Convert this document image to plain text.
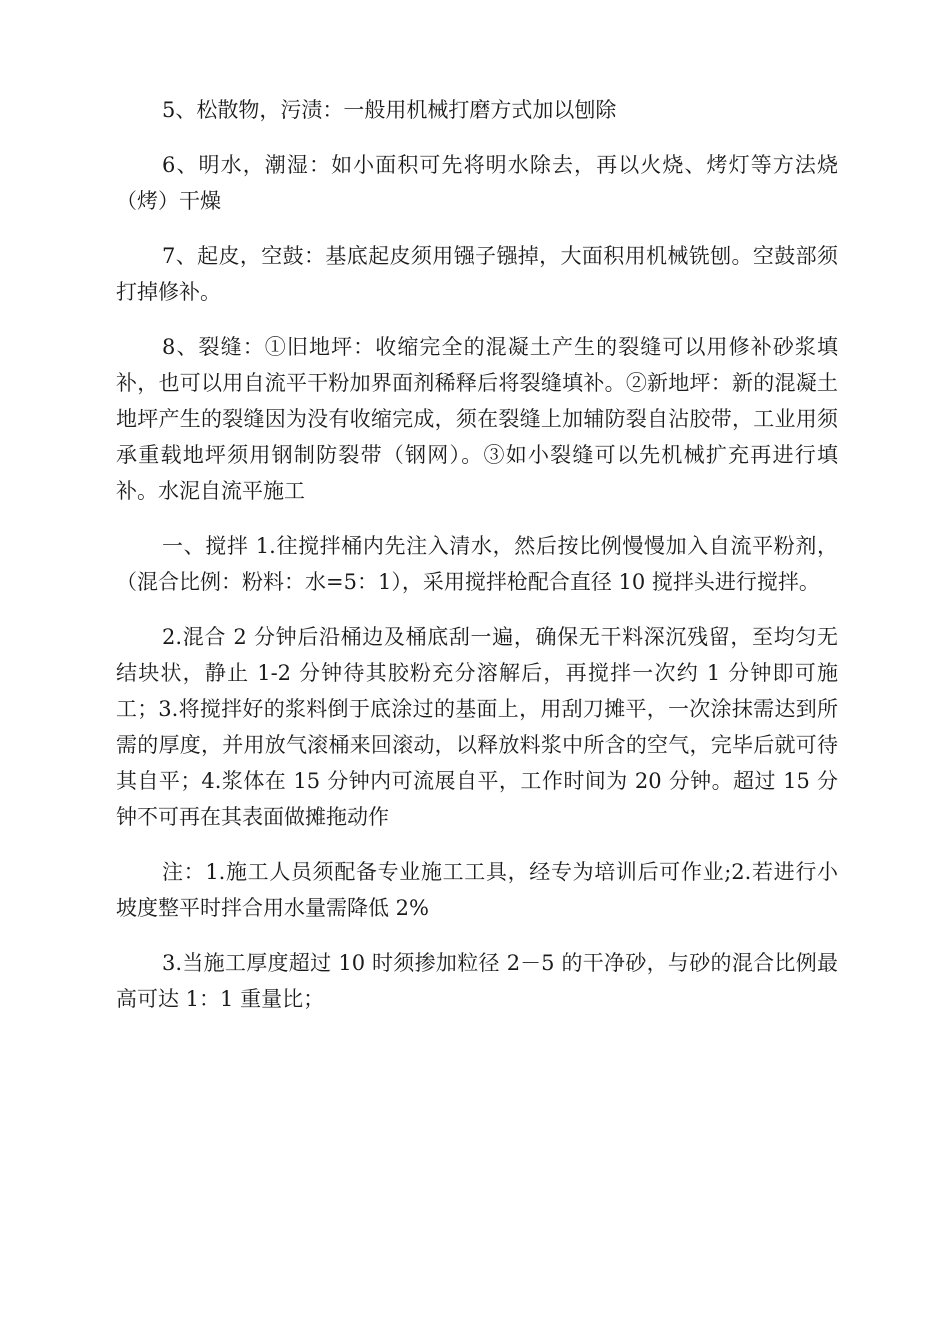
5、松散物，污渍：一般用机械打磨方式加以刨除

6、明水，潮湿：如小面积可先将明水除去，再以火烧、烤灯等方法烧（烤）干燥

7、起皮，空鼓：基底起皮须用镪子镪掉，大面积用机械铣刨。空鼓部须打掉修补。

8、裂缝：①旧地坪：收缩完全的混凝土产生的裂缝可以用修补砂浆填补，也可以用自流平干粉加界面剂稀释后将裂缝填补。②新地坪：新的混凝土地坪产生的裂缝因为没有收缩完成，须在裂缝上加辅防裂自沾胶带，工业用须承重载地坪须用钢制防裂带（钢网）。③如小裂缝可以先机械扩充再进行填补。水泥自流平施工

一、搅拌 1.往搅拌桶内先注入清水，然后按比例慢慢加入自流平粉剂，（混合比例：粉料：水=5：1），采用搅拌枪配合直径 10 搅拌头进行搅拌。

2.混合 2 分钟后沿桶边及桶底刮一遍，确保无干料深沉残留，至均匀无结块状，静止 1-2 分钟待其胶粉充分溶解后，再搅拌一次约 1 分钟即可施工；3.将搅拌好的浆料倒于底涂过的基面上，用刮刀摊平，一次涂抹需达到所需的厚度，并用放气滚桶来回滚动，以释放料浆中所含的空气，完毕后就可待其自平；4.浆体在 15 分钟内可流展自平，工作时间为 20 分钟。超过 15 分钟不可再在其表面做摊拖动作

注：1.施工人员须配备专业施工工具，经专为培训后可作业;2.若进行小坡度整平时拌合用水量需降低 2%

3.当施工厚度超过 10 时须掺加粒径 2－5 的干净砂，与砂的混合比例最高可达 1：1 重量比；
